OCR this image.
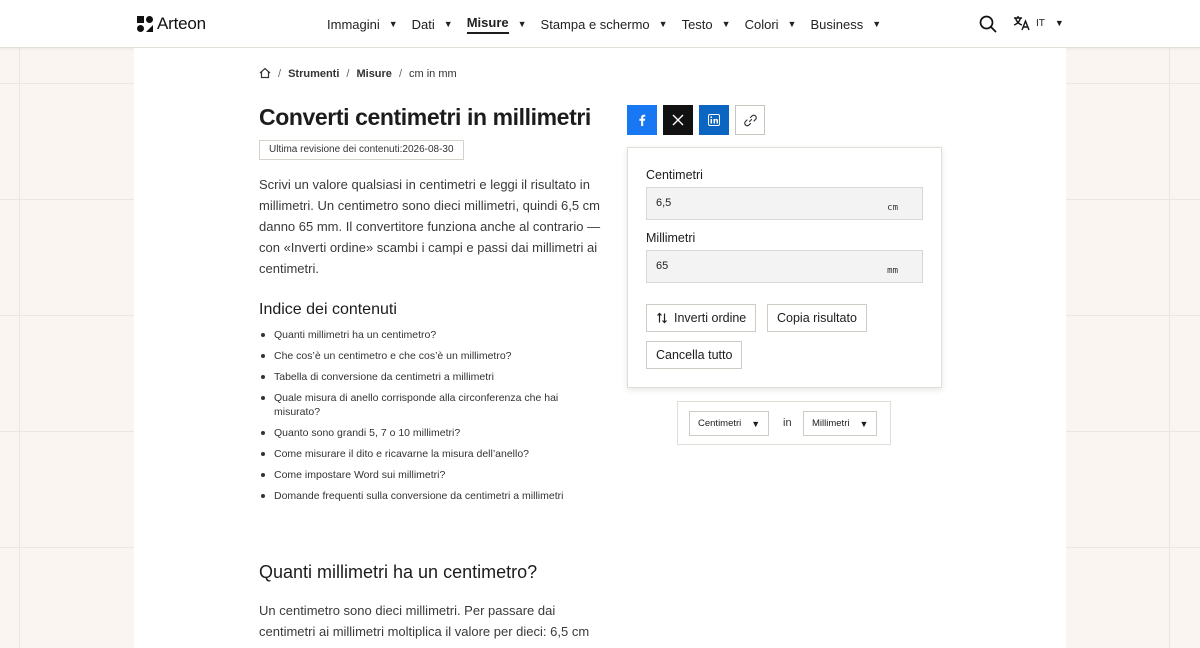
Arteon	Immagini ▼ Dati ▼ Misure ▼ Stampa e schermo ▼ Testo ▼ Colori ▼ Business ▼	IT ▼
/ Strumenti / Misure / cm in mm
Converti centimetri in millimetri
Ultima revisione dei contenuti:2026-08-30

Scrivi un valore qualsiasi in centimetri e leggi il risultato in millimetri. Un centimetro sono dieci millimetri, quindi 6,5 cm danno 65 mm. Il convertitore funziona anche al contrario — con «Inverti ordine» scambi i campi e passi dai millimetri ai centimetri.

Indice dei contenuti
Quanti millimetri ha un centimetro?
Che cos’è un centimetro e che cos’è un millimetro?
Tabella di conversione da centimetri a millimetri
Quale misura di anello corrisponde alla circonferenza che hai misurato?
Quanto sono grandi 5, 7 o 10 millimetri?
Come misurare il dito e ricavarne la misura dell’anello?
Come impostare Word sui millimetri?
Domande frequenti sulla conversione da centimetri a millimetri
Quanti millimetri ha un centimetro?

Un centimetro sono dieci millimetri. Per passare dai centimetri ai millimetri moltiplica il valore per dieci: 6,5 cm

Centimetri
6,5	cm
Millimetri
65	mm
Inverti ordine Copia risultato
Cancella tutto
Centimetri ▼ in Millimetri ▼
